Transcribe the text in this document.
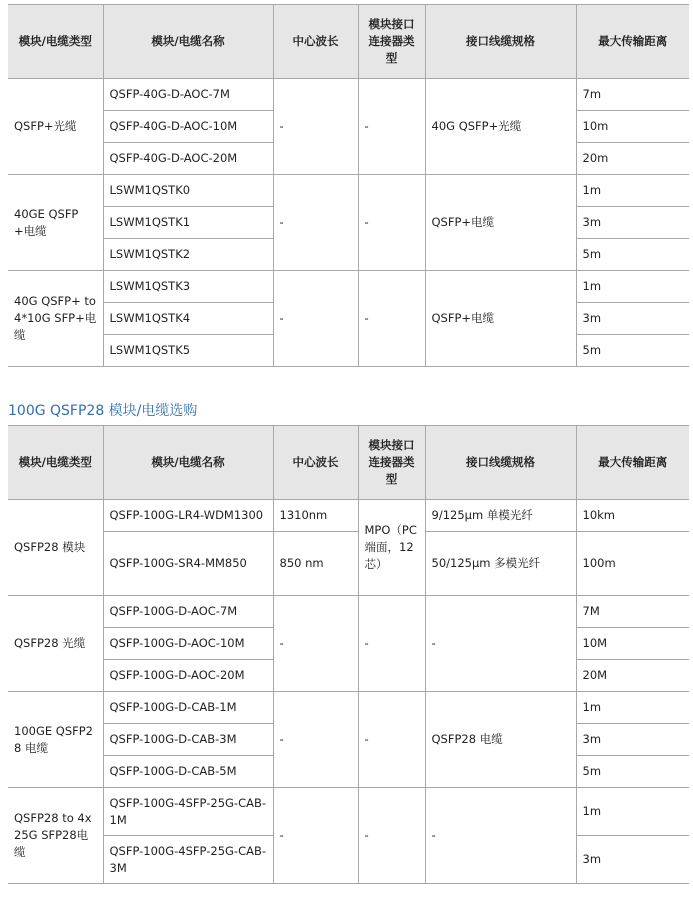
模块/电缆类型	模块/电缆名称	中心波长	模块接口连接器类型	接口线缆规格	最大传输距离
QSFP+光缆	QSFP-40G-D-AOC-7M	-	-	40G QSFP+光缆	7m
	QSFP-40G-D-AOC-10M				10m
	QSFP-40G-D-AOC-20M				20m
40GE QSFP+电缆	LSWM1QSTK0	-	-	QSFP+电缆	1m
	LSWM1QSTK1				3m
	LSWM1QSTK2				5m
40G QSFP+ to 4*10G SFP+电缆	LSWM1QSTK3	-	-	QSFP+电缆	1m
	LSWM1QSTK4				3m
	LSWM1QSTK5				5m
100G QSFP28 模块/电缆选购
模块/电缆类型	模块/电缆名称	中心波长	模块接口连接器类型	接口线缆规格	最大传输距离
QSFP28 模块	QSFP-100G-LR4-WDM1300	1310nm	MPO（PC端面，12芯）	9/125μm 单模光纤	10km
	QSFP-100G-SR4-MM850	850 nm		50/125μm 多模光纤	100m
QSFP28 光缆	QSFP-100G-D-AOC-7M	-	-	-	7M
	QSFP-100G-D-AOC-10M				10M
	QSFP-100G-D-AOC-20M				20M
100GE QSFP28 电缆	QSFP-100G-D-CAB-1M	-	-	QSFP28 电缆	1m
	QSFP-100G-D-CAB-3M				3m
	QSFP-100G-D-CAB-5M				5m
QSFP28 to 4x25G SFP28电缆	QSFP-100G-4SFP-25G-CAB-1M	-	-	-	1m
	QSFP-100G-4SFP-25G-CAB-3M				3m
